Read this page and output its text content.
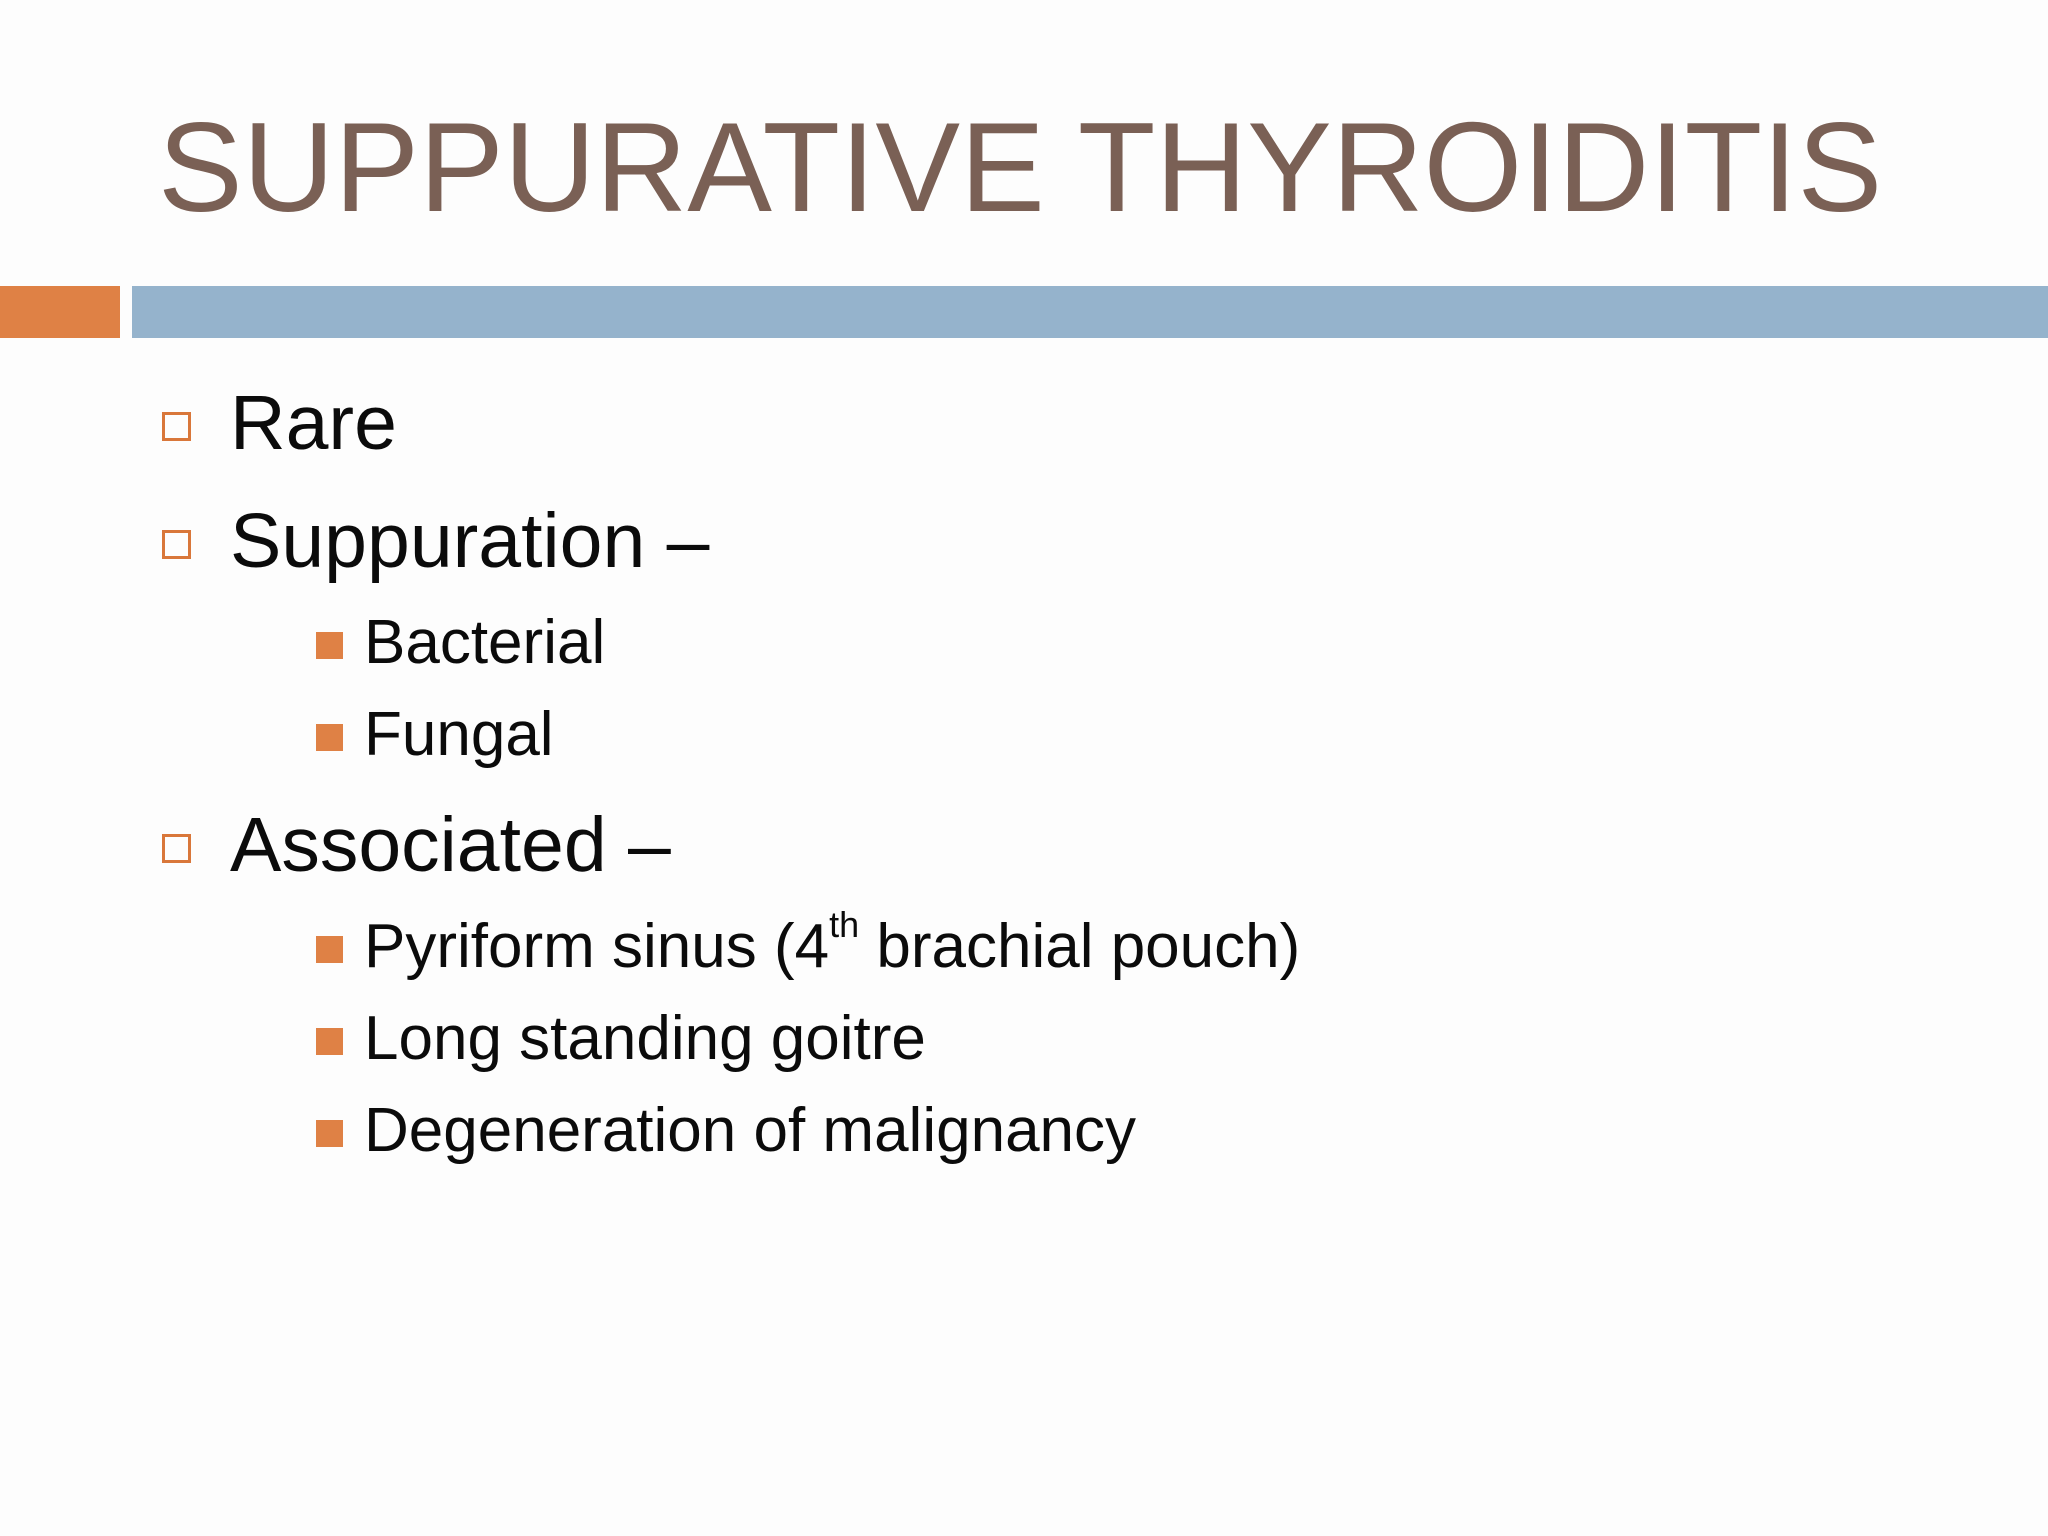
SUPPURATIVE THYROIDITIS
Rare
Suppuration –
Bacterial
Fungal
Associated –
Pyriform sinus (4th brachial pouch)
Long standing goitre
Degeneration of malignancy
